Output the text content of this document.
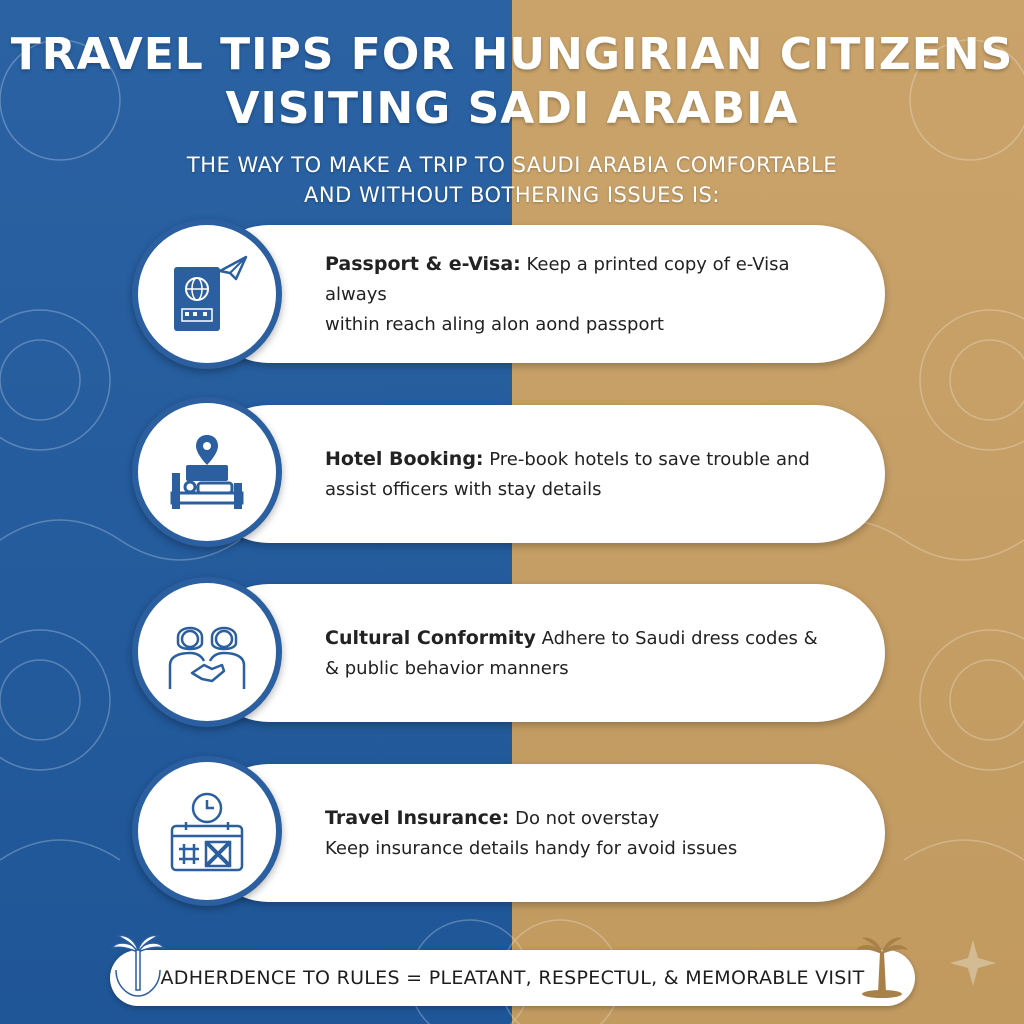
TRAVEL TIPS FOR HUNGIRIAN CITIZENS
VISITING SADI ARABIA
THE WAY TO MAKE A TRIP TO SAUDI ARABIA COMFORTABLE
AND WITHOUT BOTHERING ISSUES IS:
Passport & e-Visa: Keep a printed copy of e-Visa always
within reach aling alon aond passport
Hotel Booking: Pre-book hotels to save trouble and
assist officers with stay details
Cultural Conformity Adhere to Saudi dress codes &
& public behavior manners
Travel Insurance: Do not overstay
Keep insurance details handy for avoid issues
ADHERDENCE TO RULES = PLEATANT, RESPECTUL, & MEMORABLE VISIT
